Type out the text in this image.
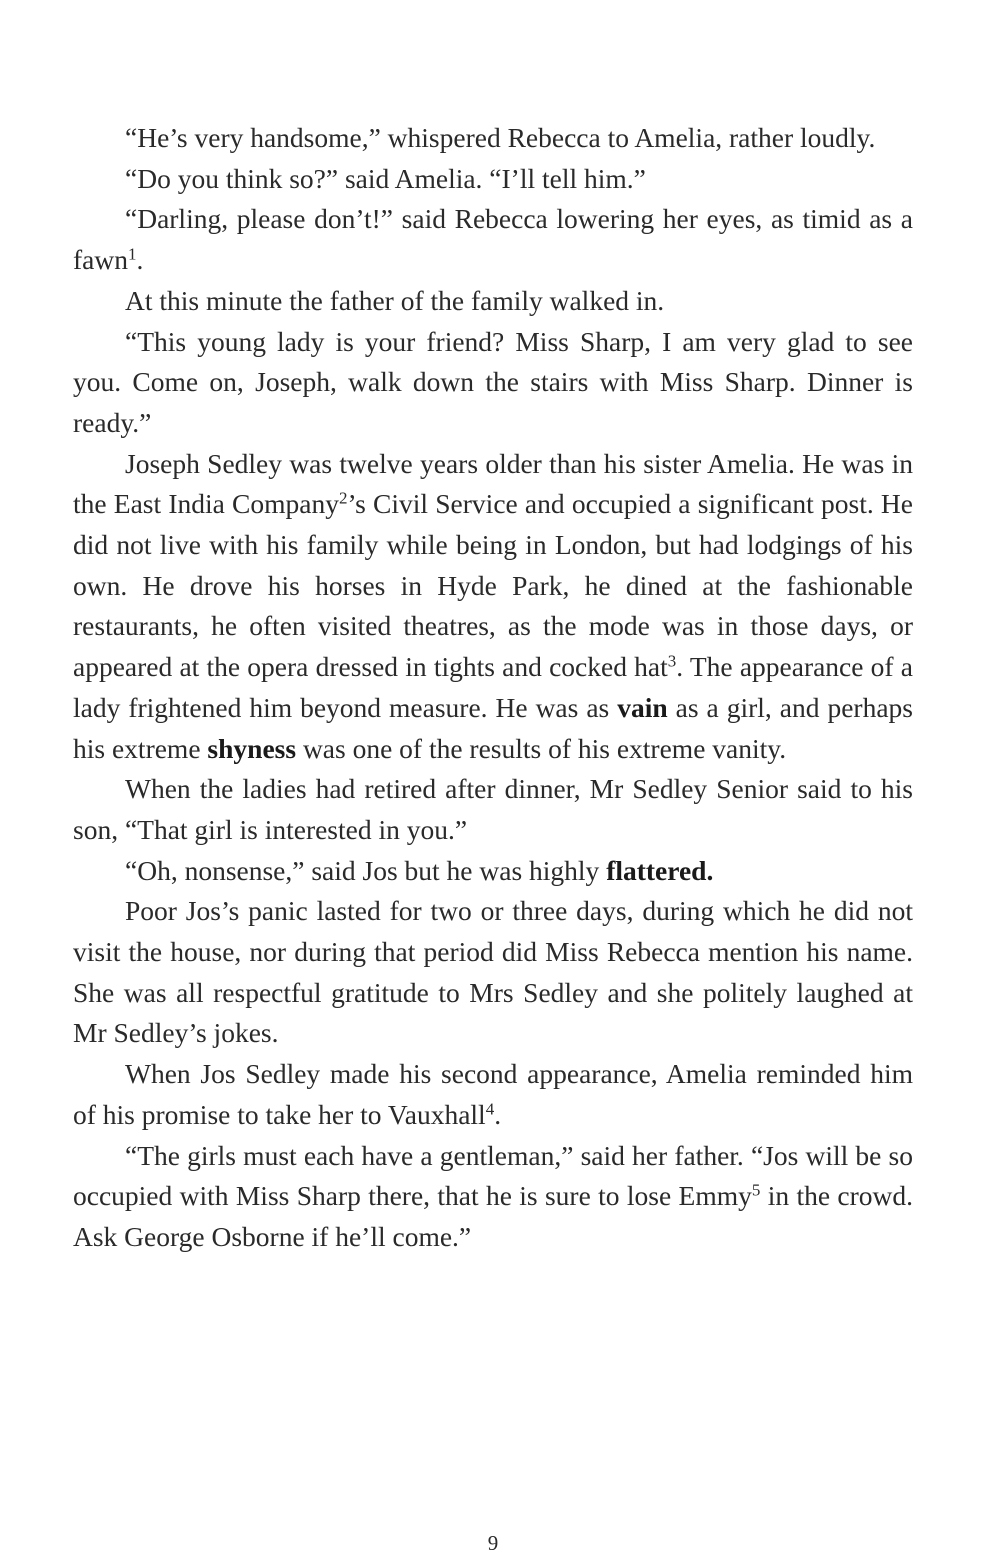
“He’s very handsome,” whispered Rebecca to Amelia, rather loudly.

“Do you think so?” said Amelia. “I’ll tell him.”

“Darling, please don’t!” said Rebecca lowering her eyes, as timid as a fawn$^1$.

At this minute the father of the family walked in.

“This young lady is your friend? Miss Sharp, I am very glad to see you. Come on, Joseph, walk down the stairs with Miss Sharp. Dinner is ready.”

Joseph Sedley was twelve years older than his sister Amelia. He was in the East India Company$^2$’s Civil Service and occupied a significant post. He did not live with his family while being in London, but had lodgings of his own. He drove his horses in Hyde Park, he dined at the fashionable restaurants, he often visited theatres, as the mode was in those days, or appeared at the opera dressed in tights and cocked hat$^3$. The appearance of a lady frightened him beyond measure. He was as vain as a girl, and perhaps his extreme shyness was one of the results of his extreme vanity.

When the ladies had retired after dinner, Mr Sedley Senior said to his son, “That girl is interested in you.”

“Oh, nonsense,” said Jos but he was highly flattered.

Poor Jos’s panic lasted for two or three days, during which he did not visit the house, nor during that period did Miss Rebecca mention his name. She was all respectful gratitude to Mrs Sedley and she politely laughed at Mr Sedley’s jokes.

When Jos Sedley made his second appearance, Amelia reminded him of his promise to take her to Vauxhall$^4$.

“The girls must each have a gentleman,” said her father. “Jos will be so occupied with Miss Sharp there, that he is sure to lose Emmy$^5$ in the crowd. Ask George Osborne if he’ll come.”

9
